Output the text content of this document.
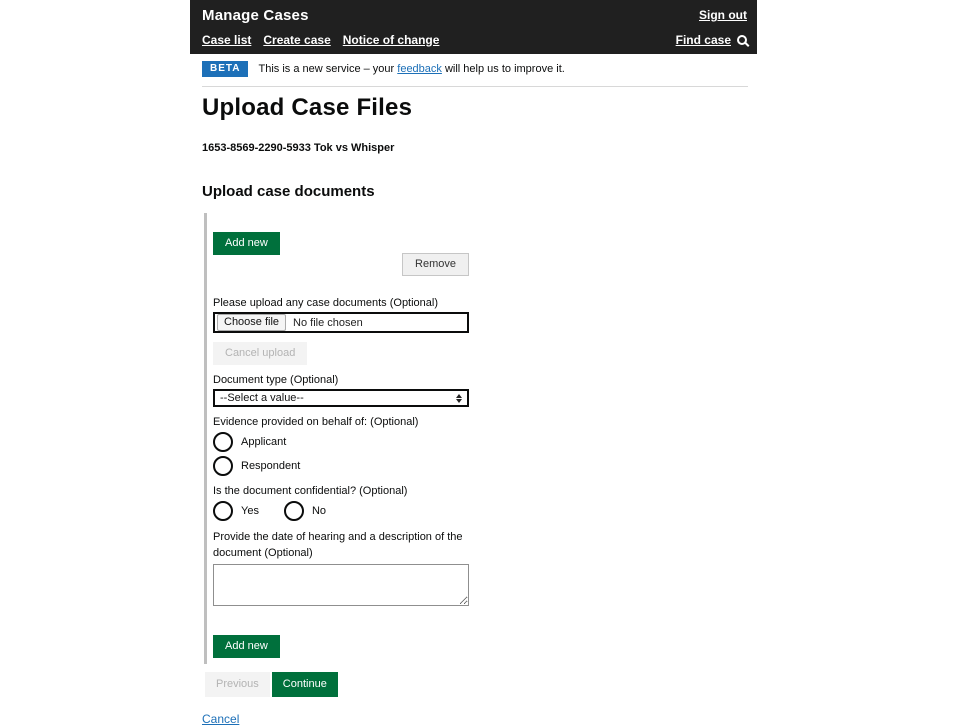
Manage Cases	Sign out
Case list Create case Notice of change	Find case
BETA	This is a new service – your feedback will help us to improve it.
Upload Case Files
1653-8569-2290-5933 Tok vs Whisper
Upload case documents
Add new
Remove
Please upload any case documents (Optional)
Choose file	No file chosen
Cancel upload
Document type (Optional)
--Select a value--
Evidence provided on behalf of: (Optional)
Applicant
Respondent
Is the document confidential? (Optional)
Yes	No
Provide the date of hearing and a description of the document (Optional)
Add new
Previous	Continue
Cancel
